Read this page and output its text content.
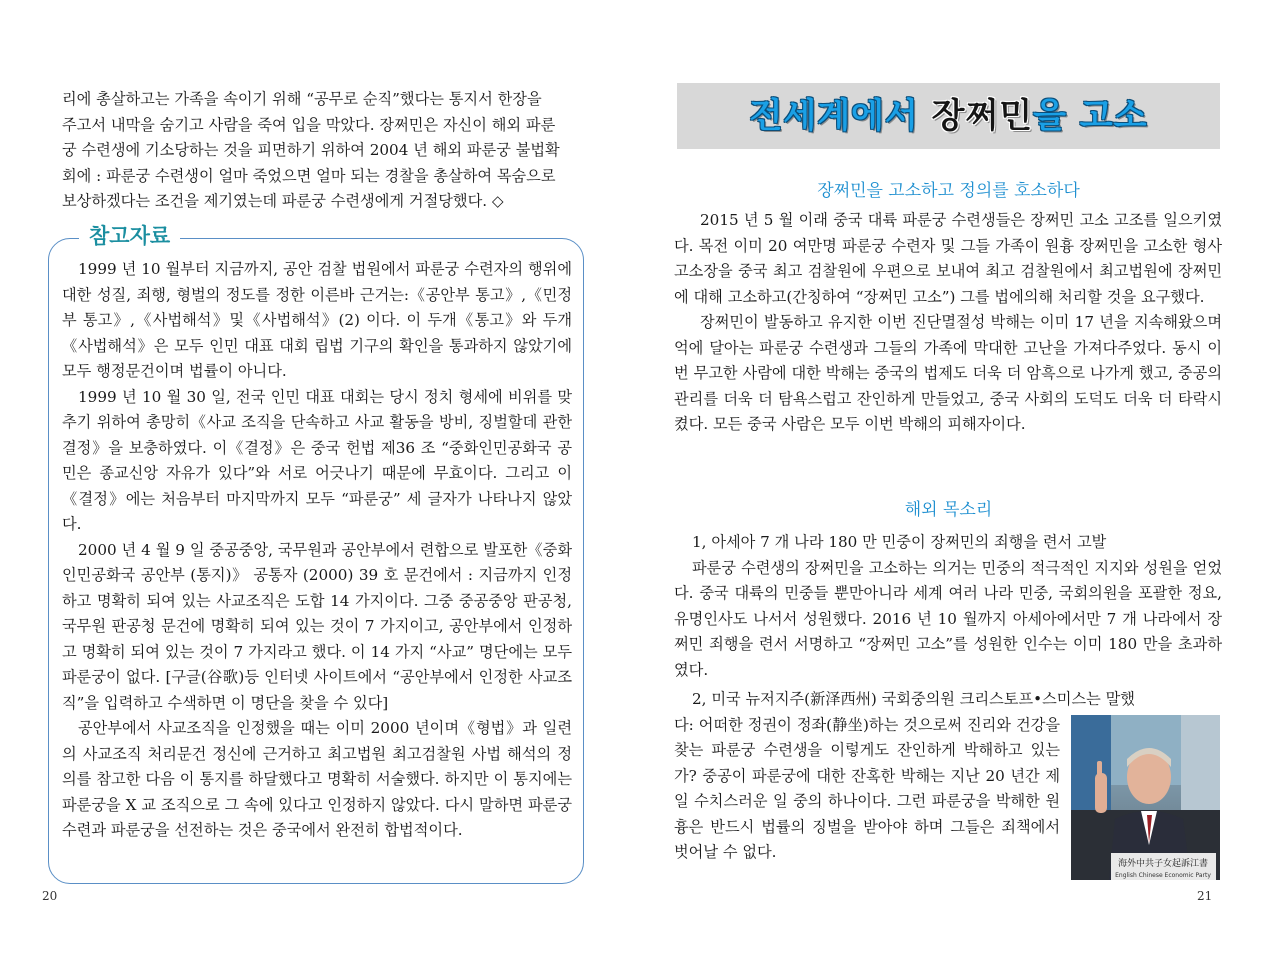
리에 총살하고는 가족을 속이기 위해 “공무로 순직”했다는 통지서 한장을

주고서 내막을 숨기고 사람을 죽여 입을 막았다. 장쩌민은 자신이 해외 파룬

궁 수련생에 기소당하는 것을 피면하기 위하여 2004 년 해외 파룬궁 불법확

회에 : 파룬궁 수련생이 얼마 죽었으면 얼마 되는 경찰을 총살하여 목숨으로

보상하겠다는 조건을 제기였는데 파룬궁 수련생에게 거절당했다. ◇

참고자료

1999 년 10 월부터 지금까지, 공안 검찰 법원에서 파룬궁 수련자의 행위에 대한 성질, 죄행, 형벌의 정도를 정한 이른바 근거는:《공안부 통고》,《민정부 통고》,《사법해석》및《사법해석》(2) 이다. 이 두개《통고》와 두개《사법해석》은 모두 인민 대표 대회 립법 기구의 확인을 통과하지 않았기에 모두 행정문건이며 법률이 아니다.

1999 년 10 월 30 일, 전국 인민 대표 대회는 당시 정치 형세에 비위를 맞추기 위하여 총망히《사교 조직을 단속하고 사교 활동을 방비, 징벌할데 관한 결정》을 보충하였다. 이《결정》은 중국 헌법 제36 조 “중화인민공화국 공민은 종교신앙 자유가 있다”와 서로 어긋나기 때문에 무효이다. 그리고 이《결정》에는 처음부터 마지막까지 모두 “파룬궁” 세 글자가 나타나지 않았다.

2000 년 4 월 9 일 중공중앙, 국무원과 공안부에서 련합으로 발포한《중화인민공화국 공안부 (통지)》 공통자 (2000) 39 호 문건에서 : 지금까지 인정하고 명확히 되여 있는 사교조직은 도합 14 가지이다. 그중 중공중앙 판공청, 국무원 판공청 문건에 명확히 되여 있는 것이 7 가지이고, 공안부에서 인정하고 명확히 되여 있는 것이 7 가지라고 했다. 이 14 가지 “사교” 명단에는 모두 파룬궁이 없다. [구글(谷歌)등 인터넷 사이트에서 “공안부에서 인정한 사교조직”을 입력하고 수색하면 이 명단을 찾을 수 있다]

공안부에서 사교조직을 인정했을 때는 이미 2000 년이며《형법》과 일련의 사교조직 처리문건 정신에 근거하고 최고법원 최고검찰원 사법 해석의 정의를 참고한 다음 이 통지를 하달했다고 명확히 서술했다. 하지만 이 통지에는 파룬궁을 X 교 조직으로 그 속에 있다고 인정하지 않았다. 다시 말하면 파룬궁 수련과 파룬궁을 선전하는 것은 중국에서 완전히 합법적이다.

20
전세계에서 장쩌민을 고소
장쩌민을 고소하고 정의를 호소하다

2015 년 5 월 이래 중국 대륙 파룬궁 수련생들은 장쩌민 고소 고조를 일으키였다. 목전 이미 20 여만명 파룬궁 수련자 및 그들 가족이 원흉 장쩌민을 고소한 형사 고소장을 중국 최고 검찰원에 우편으로 보내여 최고 검찰원에서 최고법원에 장쩌민에 대해 고소하고(간칭하여 “장쩌민 고소”) 그를 법에의해 처리할 것을 요구했다.

장쩌민이 발동하고 유지한 이번 진단멸절성 박해는 이미 17 년을 지속해왔으며 억에 달아는 파룬궁 수련생과 그들의 가족에 막대한 고난을 가져다주었다. 동시 이번 무고한 사람에 대한 박해는 중국의 법제도 더욱 더 암흑으로 나가게 했고, 중공의 관리를 더욱 더 탐욕스럽고 잔인하게 만들었고, 중국 사회의 도덕도 더욱 더 타락시켰다. 모든 중국 사람은 모두 이번 박해의 피해자이다.

해외 목소리

1, 아세아 7 개 나라 180 만 민중이 장쩌민의 죄행을 련서 고발

파룬궁 수련생의 장쩌민을 고소하는 의거는 민중의 적극적인 지지와 성원을 얻었다. 중국 대륙의 민중들 뿐만아니라 세계 여러 나라 민중, 국회의원을 포괄한 정요, 유명인사도 나서서 성원했다. 2016 년 10 월까지 아세아에서만 7 개 나라에서 장쩌민 죄행을 련서 서명하고 “장쩌민 고소”를 성원한 인수는 이미 180 만을 초과하였다.

2, 미국 뉴저지주(新泽西州) 국회중의원 크리스토프•스미스는 말했

다: 어떠한 정권이 정좌(静坐)하는 것으로써 진리와 건강을 찾는 파룬궁 수련생을 이렇게도 잔인하게 박해하고 있는가? 중공이 파룬궁에 대한 잔혹한 박해는 지난 20 년간 제일 수치스러운 일 중의 하나이다. 그런 파룬궁을 박해한 원흉은 반드시 법률의 징벌을 받아야 하며 그들은 죄책에서 벗어날 수 없다.

海外中共子女起訴江書
English Chinese Economic Party
21
